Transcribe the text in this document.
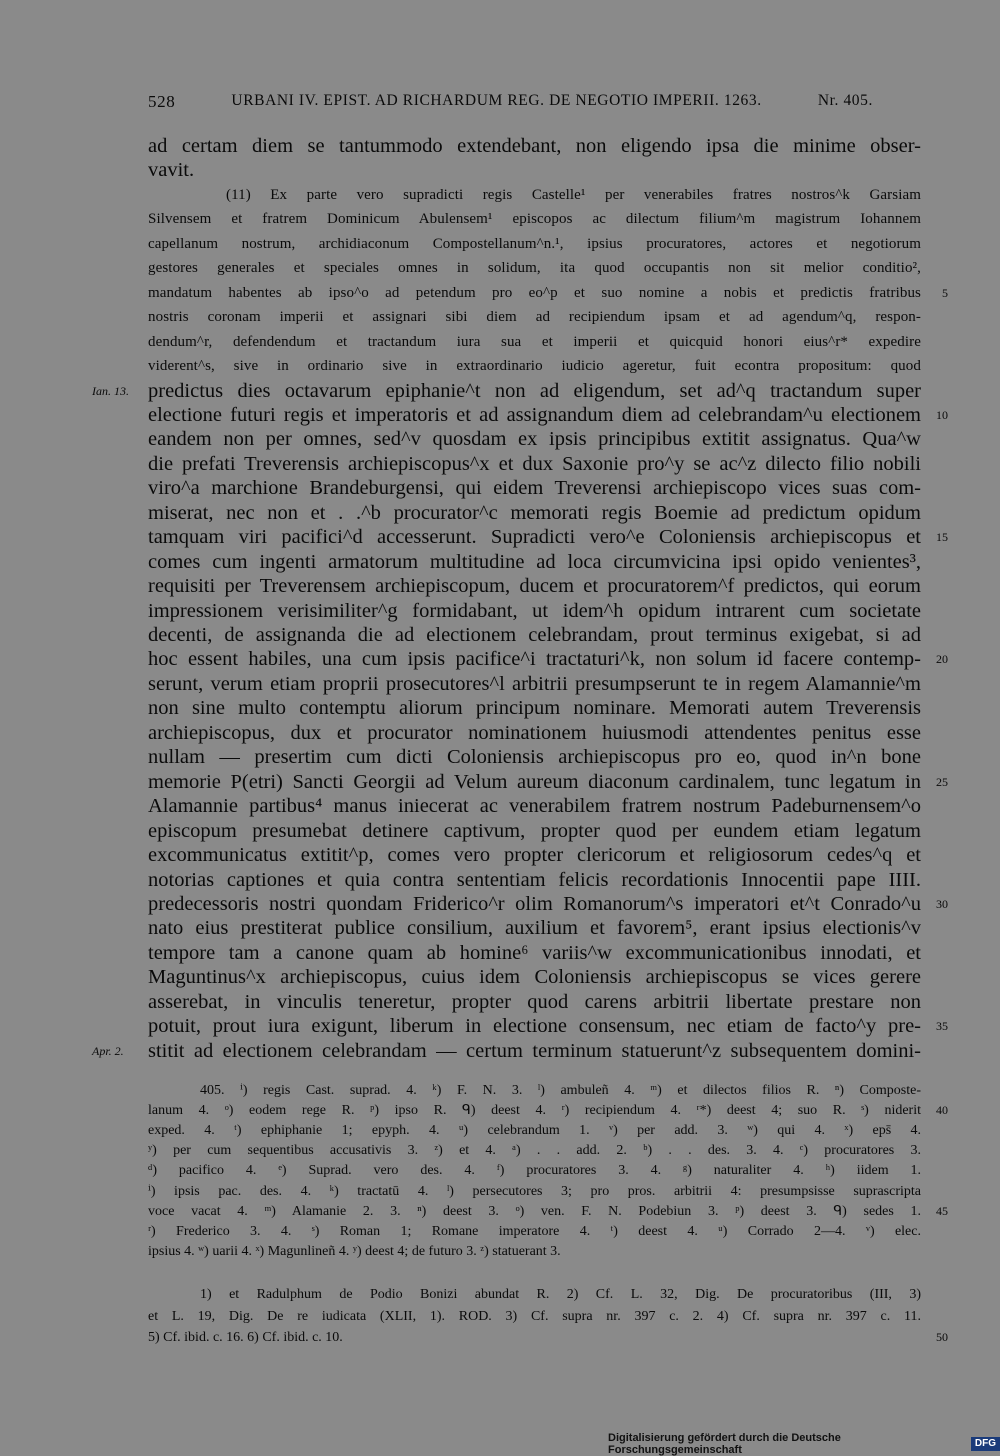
528	URBANI IV. EPIST. AD RICHARDUM REG. DE NEGOTIO IMPERII. 1263.	Nr. 405.
ad certam diem se tantummodo extendebant, non eligendo ipsa die minime obser-
vavit.
(11) Ex parte vero supradicti regis Castelle¹ per venerabiles fratres nostros^k Garsiam
Silvensem et fratrem Dominicum Abulensem¹ episcopos ac dilectum filium^m magistrum Iohannem
capellanum nostrum, archidiaconum Compostellanum^n.¹, ipsius procuratores, actores et negotiorum
gestores generales et speciales omnes in solidum, ita quod occupantis non sit melior conditio²,
mandatum habentes ab ipso^o ad petendum pro eo^p et suo nomine a nobis et predictis fratribus
nostris coronam imperii et assignari sibi diem ad recipiendum ipsam et ad agendum^q, respon-
dendum^r, defendendum et tractandum iura sua et imperii et quicquid honori eius^r* expedire
viderent^s, sive in ordinario sive in extraordinario iudicio ageretur, fuit econtra propositum: quod
predictus dies octavarum epiphanie^t non ad eligendum, set ad^q tractandum super
electione futuri regis et imperatoris et ad assignandum diem ad celebrandam^u electionem
eandem non per omnes, sed^v quosdam ex ipsis principibus extitit assignatus. Qua^w
die prefati Treverensis archiepiscopus^x et dux Saxonie pro^y se ac^z dilecto filio nobili
viro^a marchione Brandeburgensi, qui eidem Treverensi archiepiscopo vices suas com-
miserat, nec non et . .^b procurator^c memorati regis Boemie ad predictum opidum
tamquam viri pacifici^d accesserunt. Supradicti vero^e Coloniensis archiepiscopus et
comes cum ingenti armatorum multitudine ad loca circumvicina ipsi opido venientes³,
requisiti per Treverensem archiepiscopum, ducem et procuratorem^f predictos, qui eorum
impressionem verisimiliter^g formidabant, ut idem^h opidum intrarent cum societate
decenti, de assignanda die ad electionem celebrandam, prout terminus exigebat, si ad
hoc essent habiles, una cum ipsis pacifice^i tractaturi^k, non solum id facere contemp-
serunt, verum etiam proprii prosecutores^l arbitrii presumpserunt te in regem Alamannie^m
non sine multo contemptu aliorum principum nominare. Memorati autem Treverensis
archiepiscopus, dux et procurator nominationem huiusmodi attendentes penitus esse
nullam — presertim cum dicti Coloniensis archiepiscopus pro eo, quod in^n bone
memorie P(etri) Sancti Georgii ad Velum aureum diaconum cardinalem, tunc legatum in
Alamannie partibus⁴ manus iniecerat ac venerabilem fratrem nostrum Padeburnensem^o
episcopum presumebat detinere captivum, propter quod per eundem etiam legatum
excommunicatus extitit^p, comes vero propter clericorum et religiosorum cedes^q et
notorias captiones et quia contra sententiam felicis recordationis Innocentii pape IIII.
predecessoris nostri quondam Friderico^r olim Romanorum^s imperatori et^t Conrado^u
nato eius prestiterat publice consilium, auxilium et favorem⁵, erant ipsius electionis^v
tempore tam a canone quam ab homine⁶ variis^w excommunicationibus innodati, et
Maguntinus^x archiepiscopus, cuius idem Coloniensis archiepiscopus se vices gerere
asserebat, in vinculis teneretur, propter quod carens arbitrii libertate prestare non
potuit, prout iura exigunt, liberum in electione consensum, nec etiam de facto^y pre-
stitit ad electionem celebrandam — certum terminum statuerunt^z subsequentem domini-
5
10
15
20
25
30
35
Ian. 13.
Apr. 2.
405. ⁱ) regis Cast. suprad. 4. ᵏ) F. N. 3. ˡ) ambuleñ 4. ᵐ) et dilectos filios R. ⁿ) Composte-
lanum 4. ᵒ) eodem rege R. ᵖ) ipso R. ᑫ) deest 4. ʳ) recipiendum 4. ʳ*) deest 4; suo R. ˢ) niderit
exped. 4. ᵗ) ephiphanie 1; epyph. 4. ᵘ) celebrandum 1. ᵛ) per add. 3. ʷ) qui 4. ˣ) eps̄ 4.
ʸ) per cum sequentibus accusativis 3. ᶻ) et 4. ᵃ) . . add. 2. ᵇ) . . des. 3. 4. ᶜ) procuratores 3.
ᵈ) pacifico 4. ᵉ) Suprad. vero des. 4. ᶠ) procuratores 3. 4. ᵍ) naturaliter 4. ʰ) iidem 1.
ⁱ) ipsis pac. des. 4. ᵏ) tractatū 4. ˡ) persecutores 3; pro pros. arbitrii 4: presumpsisse suprascripta
voce vacat 4. ᵐ) Alamanie 2. 3. ⁿ) deest 3. ᵒ) ven. F. N. Podebiun 3. ᵖ) deest 3. ᑫ) sedes 1.
ʳ) Frederico 3. 4. ˢ) Roman 1; Romane imperatore 4. ᵗ) deest 4. ᵘ) Corrado 2—4. ᵛ) elec.
ipsius 4. ʷ) uarii 4. ˣ) Magunlineñ 4. ʸ) deest 4; de futuro 3. ᶻ) statuerant 3.
40
45
1) et Radulphum de Podio Bonizi abundat R. 2) Cf. L. 32, Dig. De procuratoribus (III, 3)
et L. 19, Dig. De re iudicata (XLII, 1). ROD. 3) Cf. supra nr. 397 c. 2. 4) Cf. supra nr. 397 c. 11.
5) Cf. ibid. c. 16. 6) Cf. ibid. c. 10.	50
Digitalisierung gefördert durch die Deutsche Forschungsgemeinschaft
DFG
